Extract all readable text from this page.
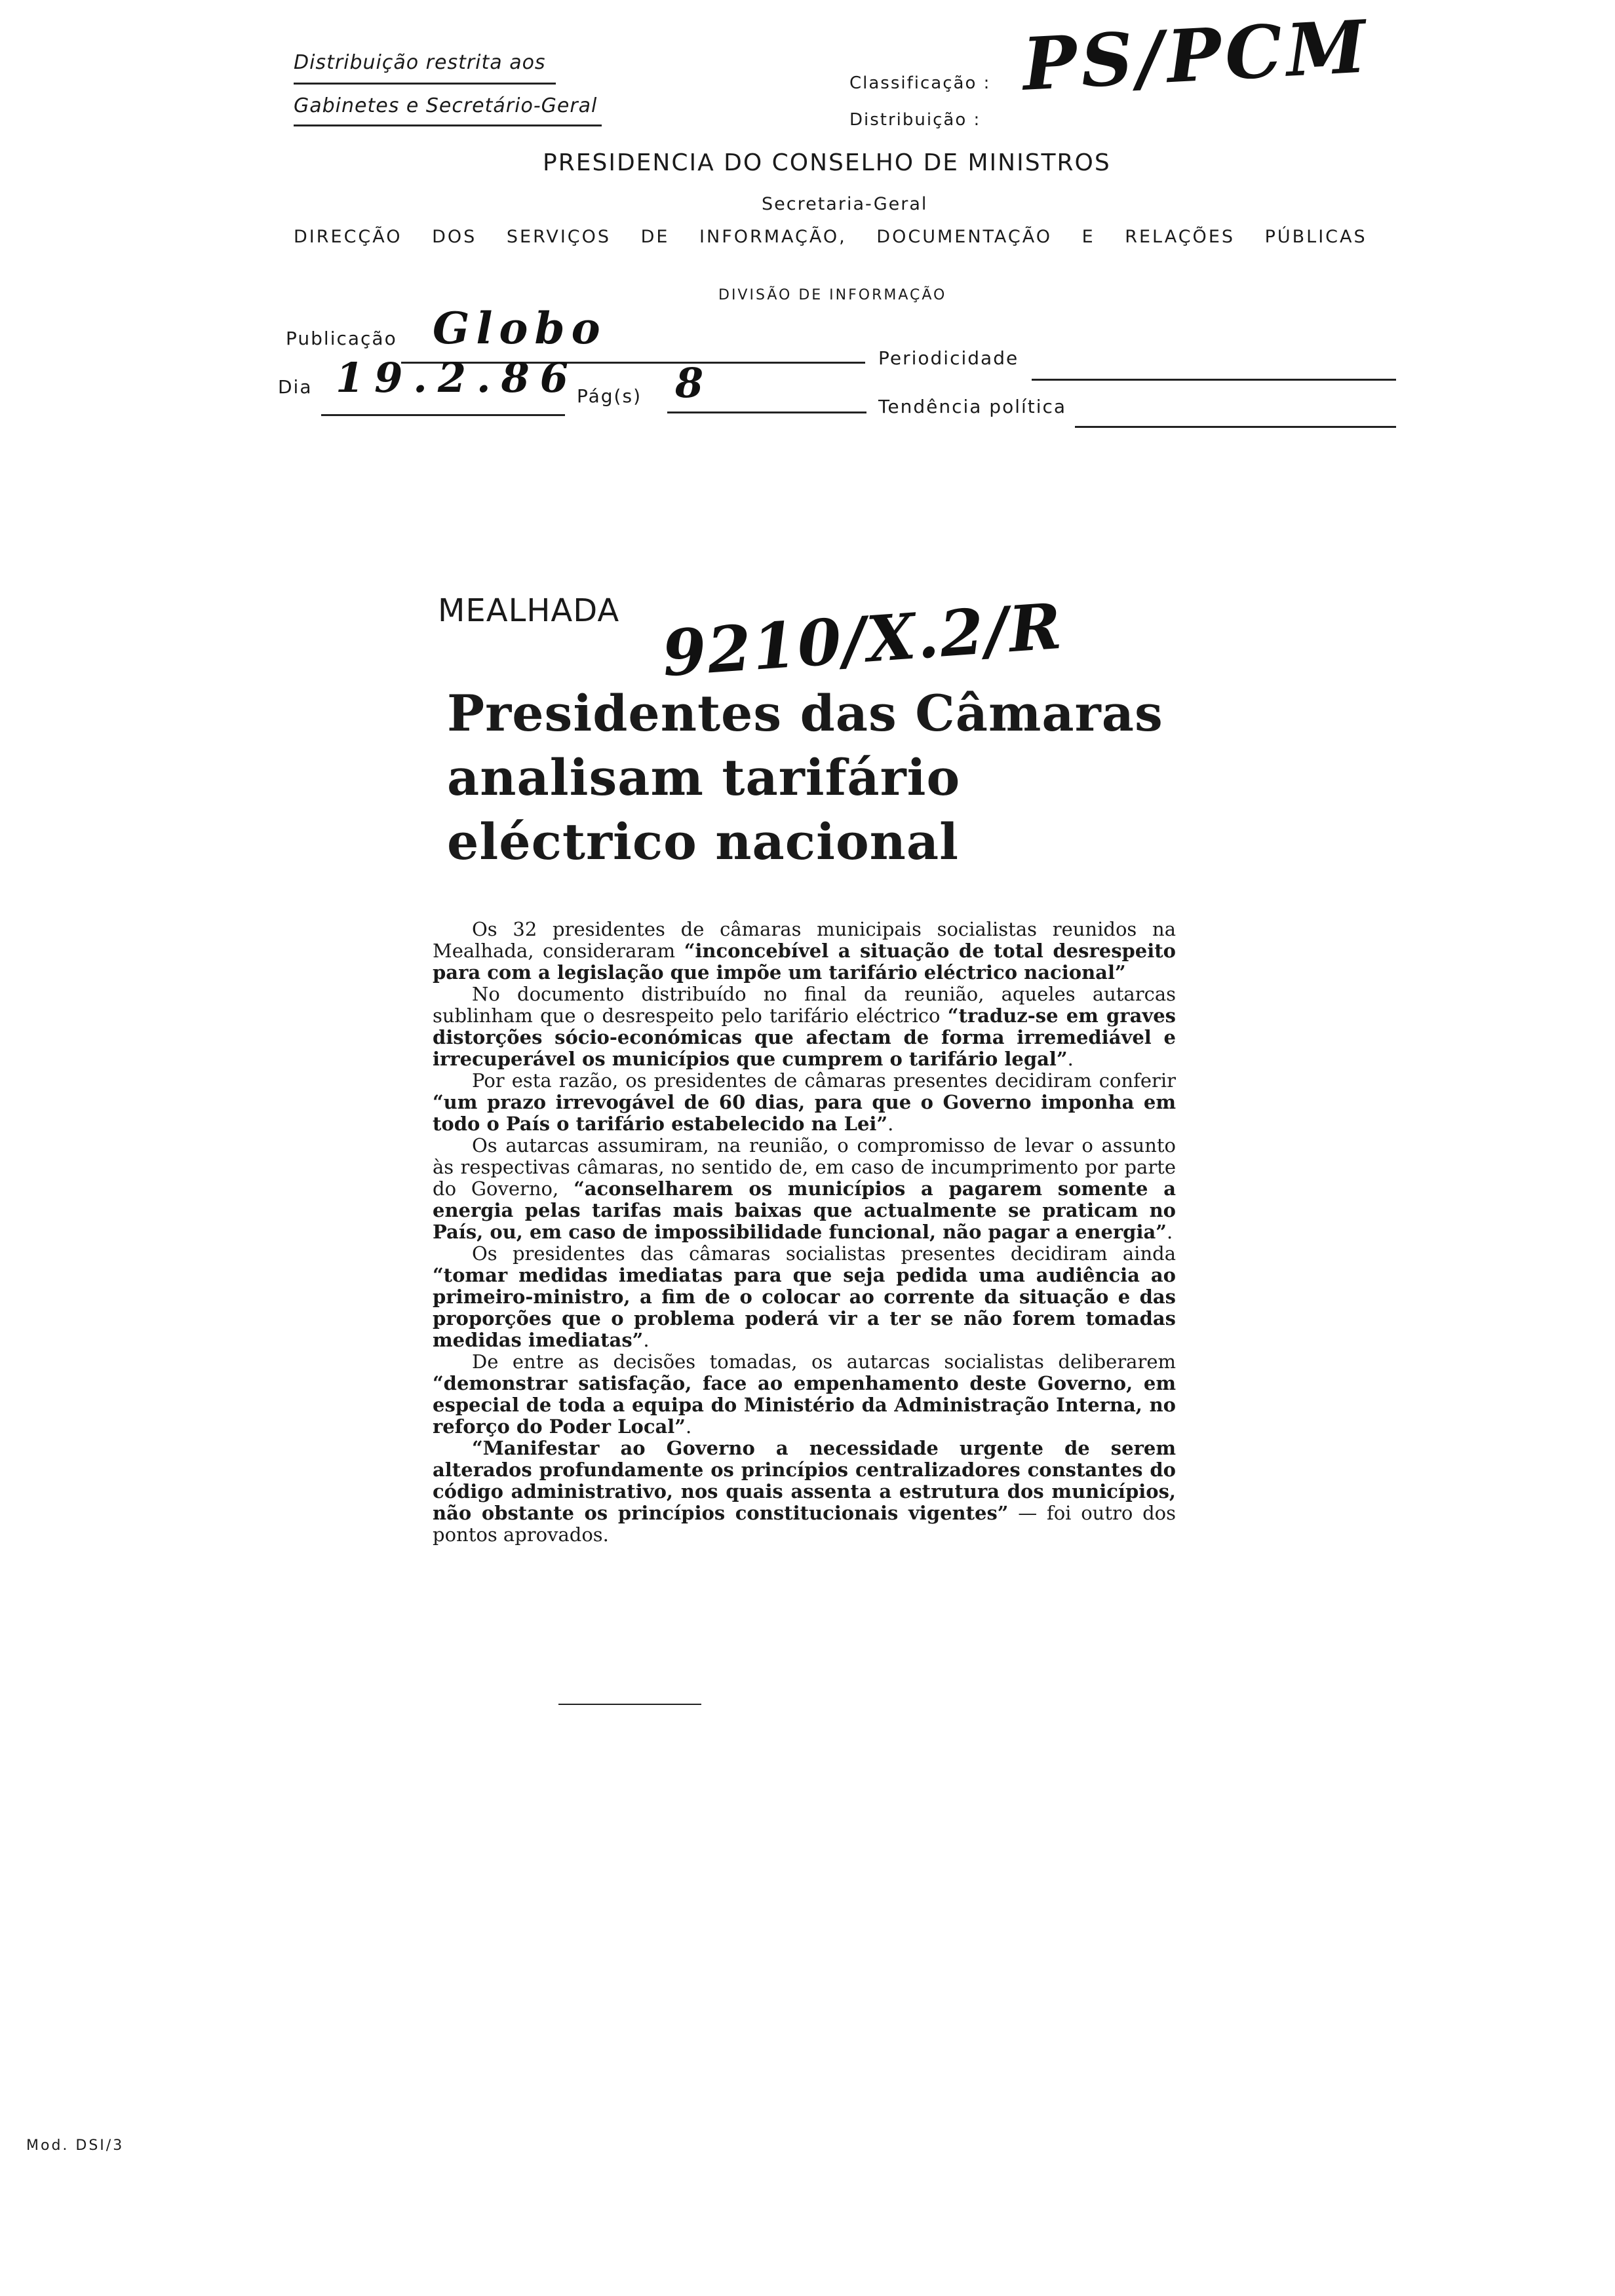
Distribuição restrita aos
Gabinetes e Secretário-Geral
Classificação : PS/PCM
Distribuição :
PRESIDENCIA DO CONSELHO DE MINISTROS
Secretaria-Geral
DIRECÇÃO DOS SERVIÇOS DE INFORMAÇÃO, DOCUMENTAÇÃO E RELAÇÕES PÚBLICAS
DIVISÃO DE INFORMAÇÃO
Publicação Globo
Periodicidade
Dia 19.2.86
Pág(s) 8	Tendência política
MEALHADA 9210/X.2/R
Presidentes das Câmaras
analisam tarifário
eléctrico nacional

Os 32 presidentes de câmaras municipais socialistas reunidos na Mealhada, consideraram “inconcebível a situação de total desrespeito para com a legislação que impõe um tarifário eléctrico nacional”

No documento distribuído no final da reunião, aqueles autarcas sublinham que o desrespeito pelo tarifário eléctrico “traduz-se em graves distorções sócio-económicas que afectam de forma irremediável e irrecuperável os municípios que cumprem o tarifário legal”.

Por esta razão, os presidentes de câmaras presentes decidiram conferir “um prazo irrevogável de 60 dias, para que o Governo imponha em todo o País o tarifário estabelecido na Lei”.

Os autarcas assumiram, na reunião, o compromisso de levar o assunto às respectivas câmaras, no sentido de, em caso de incumprimento por parte do Governo, “aconselharem os municípios a pagarem somente a energia pelas tarifas mais baixas que actualmente se praticam no País, ou, em caso de impossibilidade funcional, não pagar a energia”.

Os presidentes das câmaras socialistas presentes decidiram ainda “tomar medidas imediatas para que seja pedida uma audiência ao primeiro-ministro, a fim de o colocar ao corrente da situação e das proporções que o problema poderá vir a ter se não forem tomadas medidas imediatas”.

De entre as decisões tomadas, os autarcas socialistas deliberarem “demonstrar satisfação, face ao empenhamento deste Governo, em especial de toda a equipa do Ministério da Administração Interna, no reforço do Poder Local”.

“Manifestar ao Governo a necessidade urgente de serem alterados profundamente os princípios centralizadores constantes do código administrativo, nos quais assenta a estrutura dos municípios, não obstante os princípios constitucionais vigentes” — foi outro dos pontos aprovados.

Mod. DSI/3
